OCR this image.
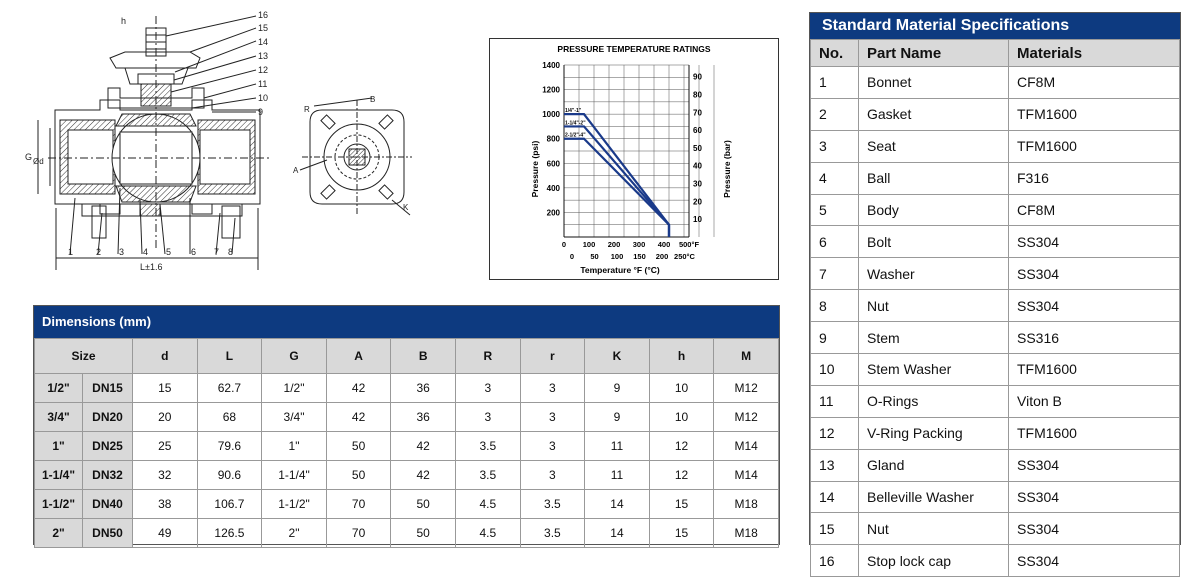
16
15
14
13
12
11
10
9
1	2 3 4 5 6 7 8
h
G Ød
L±1.6
R
B
A
K
PRESSURE TEMPERATURE RATINGS
1/4"-1"
1-1/4"-2"
2-1/2"-4"
200
400
600
800
1000
1200
1400
10
20
30
40
50
60
70
80
90
0 100 200 300 400 500°F
0 50 100 150 200 250°C
Pressure (psi)	Pressure (bar)
Temperature °F (°C)
Dimensions (mm)
Size		d	L	G	A	B	R	r	K	h	M
1/2"	DN15	15	62.7	1/2"	42	36	3	3	9	10	M12
3/4"	DN20	20	68	3/4"	42	36	3	3	9	10	M12
1"	DN25	25	79.6	1"	50	42	3.5	3	11	12	M14
1-1/4"	DN32	32	90.6	1-1/4"	50	42	3.5	3	11	12	M14
1-1/2"	DN40	38	106.7	1-1/2"	70	50	4.5	3.5	14	15	M18
2"	DN50	49	126.5	2"	70	50	4.5	3.5	14	15	M18
Standard Material Specifications
No.	Part Name	Materials
1	Bonnet	CF8M
2	Gasket	TFM1600
3	Seat	TFM1600
4	Ball	F316
5	Body	CF8M
6	Bolt	SS304
7	Washer	SS304
8	Nut	SS304
9	Stem	SS316
10	Stem Washer	TFM1600
11	O-Rings	Viton B
12	V-Ring Packing	TFM1600
13	Gland	SS304
14	Belleville Washer	SS304
15	Nut	SS304
16	Stop lock cap	SS304
